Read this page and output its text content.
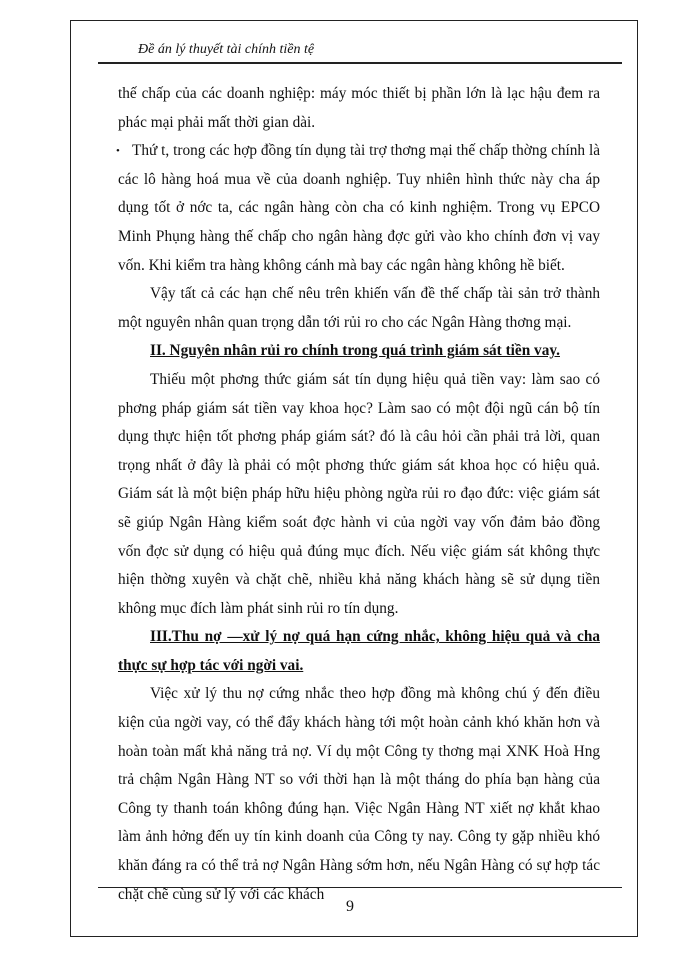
Đề án lý thuyết tài chính tiền tệ

thế chấp của các doanh nghiệp: máy móc thiết bị phần lớn là lạc hậu đem ra phác mại phải mất thời gian dài.

• Thứ t, trong các hợp đồng tín dụng tài trợ thơng mại thế chấp thờng chính là các lô hàng hoá mua về của doanh nghiệp. Tuy nhiên hình thức này cha áp dụng tốt ở nớc ta, các ngân hàng còn cha có kinh nghiệm. Trong vụ EPCO Minh Phụng hàng thế chấp cho ngân hàng đợc gửi vào kho chính đơn vị vay vốn. Khi kiểm tra hàng không cánh mà bay các ngân hàng không hề biết.

Vậy tất cả các hạn chế nêu trên khiến vấn đề thế chấp tài sản trở thành một nguyên nhân quan trọng dẫn tới rủi ro cho các Ngân Hàng thơng mại.

II. Nguyên nhân rủi ro chính trong quá trình giám sát tiền vay.

Thiếu một phơng thức giám sát tín dụng hiệu quả tiền vay: làm sao có phơng pháp giám sát tiền vay khoa học? Làm sao có một đội ngũ cán bộ tín dụng thực hiện tốt phơng pháp giám sát? đó là câu hỏi cần phải trả lời, quan trọng nhất ở đây là phải có một phơng thức giám sát khoa học có hiệu quả. Giám sát là một biện pháp hữu hiệu phòng ngừa rủi ro đạo đức: việc giám sát sẽ giúp Ngân Hàng kiểm soát đợc hành vi của ngời vay vốn đảm bảo đồng vốn đợc sử dụng có hiệu quả đúng mục đích. Nếu việc giám sát không thực hiện thờng xuyên và chặt chẽ, nhiều khả năng khách hàng sẽ sử dụng tiền không mục đích làm phát sinh rủi ro tín dụng.

III.Thu nợ —xử lý nợ quá hạn cứng nhắc, không hiệu quả và cha thực sự hợp tác với ngời vai.

Việc xử lý thu nợ cứng nhắc theo hợp đồng mà không chú ý đến điều kiện của ngời vay, có thể đẩy khách hàng tới một hoàn cảnh khó khăn hơn và hoàn toàn mất khả năng trả nợ. Ví dụ một Công ty thơng mại XNK Hoà Hng trả chậm Ngân Hàng NT so với thời hạn là một tháng do phía bạn hàng của Công ty thanh toán không đúng hạn. Việc Ngân Hàng NT xiết nợ khắt khao làm ảnh hởng đến uy tín kinh doanh của Công ty nay. Công ty gặp nhiều khó khăn đáng ra có thể trả nợ Ngân Hàng sớm hơn, nếu Ngân Hàng có sự hợp tác chặt chẽ cùng sử lý với các khách

9
